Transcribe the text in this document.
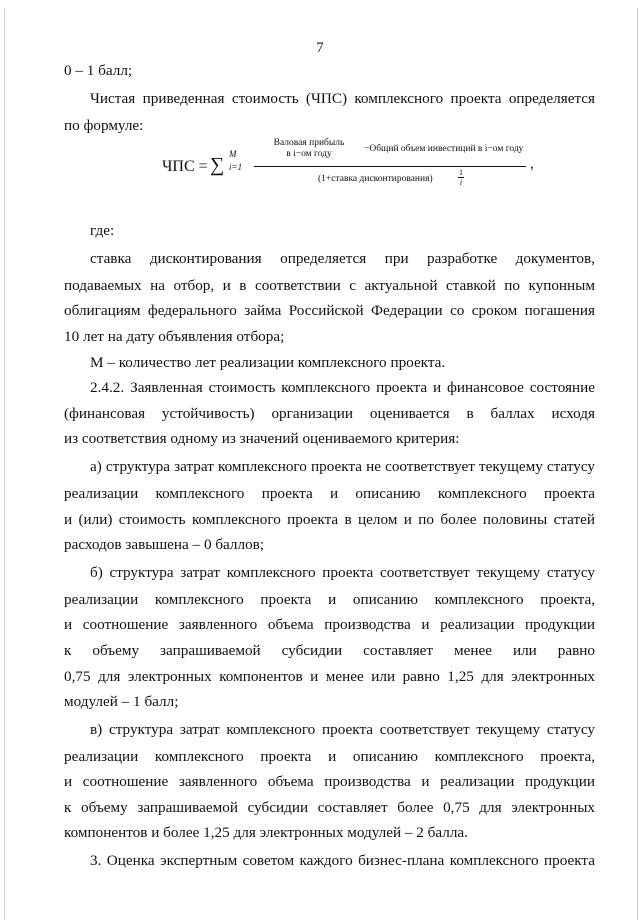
7
0 – 1 балл;
Чистая приведенная стоимость (ЧПС) комплексного проекта определяется
по формуле:
ЧПС = ∑ M
i=1
Валовая прибыль
в i−ом году	−Общий объем инвестиций в i−ом году
(1+ставка дисконтирования)	$\frac{1}{i}$
,
где:
ставка дисконтирования определяется при разработке документов,
подаваемых на отбор, и в соответствии с актуальной ставкой по купонным
облигациям федерального займа Российской Федерации со сроком погашения
10 лет на дату объявления отбора;
М – количество лет реализации комплексного проекта.
2.4.2. Заявленная стоимость комплексного проекта и финансовое состояние
(финансовая устойчивость) организации оценивается в баллах исходя
из соответствия одному из значений оцениваемого критерия:
а) структура затрат комплексного проекта не соответствует текущему статусу
реализации комплексного проекта и описанию комплексного проекта
и (или) стоимость комплексного проекта в целом и по более половины статей
расходов завышена – 0 баллов;
б) структура затрат комплексного проекта соответствует текущему статусу
реализации комплексного проекта и описанию комплексного проекта,
и соотношение заявленного объема производства и реализации продукции
к объему запрашиваемой субсидии составляет менее или равно
0,75 для электронных компонентов и менее или равно 1,25 для электронных
модулей – 1 балл;
в) структура затрат комплексного проекта соответствует текущему статусу
реализации комплексного проекта и описанию комплексного проекта,
и соотношение заявленного объема производства и реализации продукции
к объему запрашиваемой субсидии составляет более 0,75 для электронных
компонентов и более 1,25 для электронных модулей – 2 балла.
3. Оценка экспертным советом каждого бизнес-плана комплексного проекта
